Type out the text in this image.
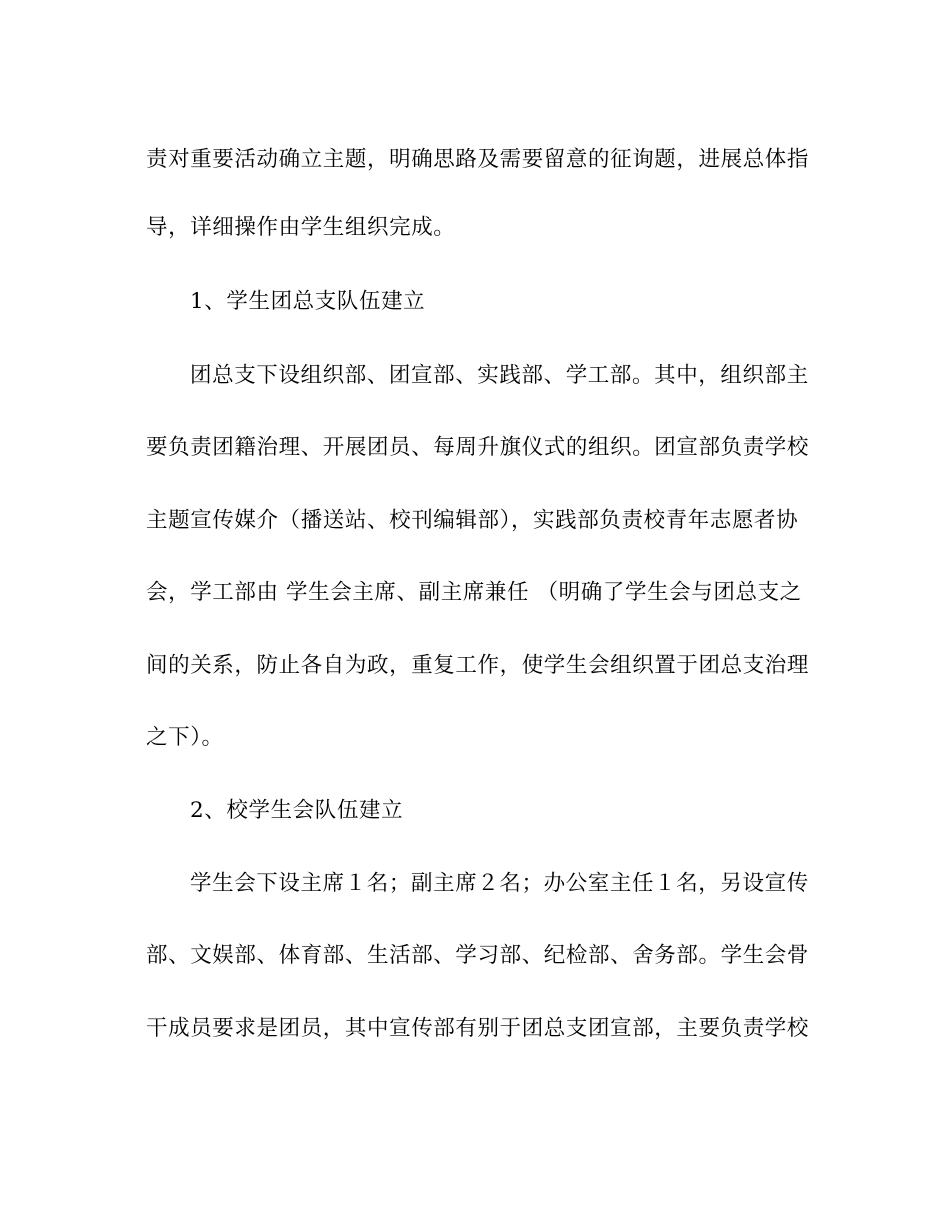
责对重要活动确立主题，明确思路及需要留意的征询题，进展总体指
导，详细操作由学生组织完成。
1、学生团总支队伍建立
团总支下设组织部、团宣部、实践部、学工部。其中，组织部主
要负责团籍治理、开展团员、每周升旗仪式的组织。团宣部负责学校
主题宣传媒介（播送站、校刊编辑部），实践部负责校青年志愿者协
会，学工部由 学生会主席、副主席兼任 （明确了学生会与团总支之
间的关系，防止各自为政，重复工作，使学生会组织置于团总支治理
之下）。
2、校学生会队伍建立
学生会下设主席１名；副主席２名；办公室主任１名，另设宣传
部、文娱部、体育部、生活部、学习部、纪检部、舍务部。学生会骨
干成员要求是团员，其中宣传部有别于团总支团宣部，主要负责学校
